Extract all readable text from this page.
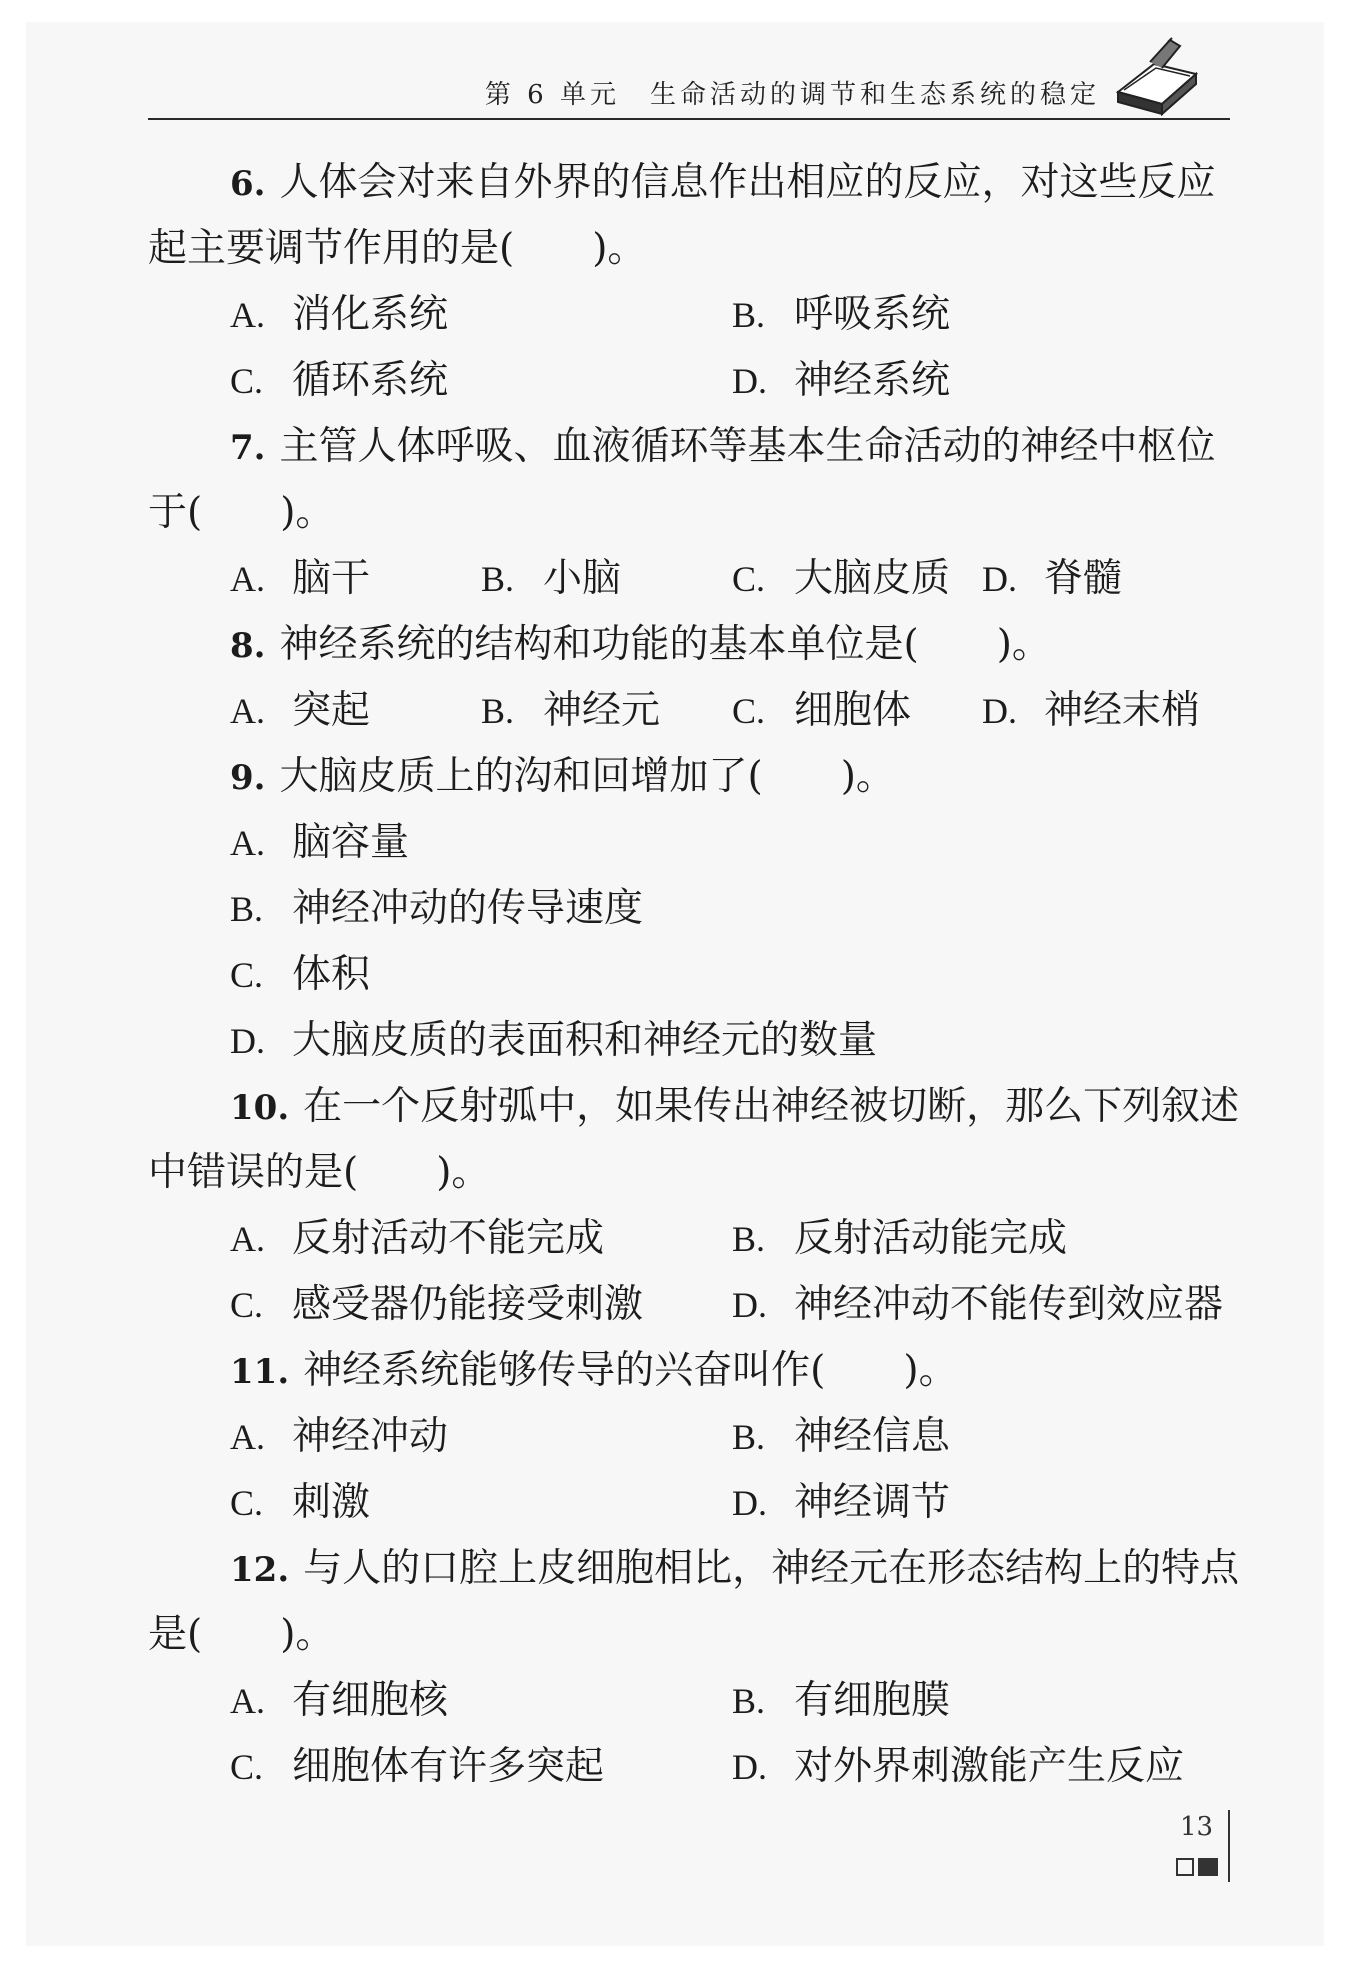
第 6 单元　生命活动的调节和生态系统的稳定
6. 人体会对来自外界的信息作出相应的反应，对这些反应
起主要调节作用的是(　　)。
A. 消化系统	B. 呼吸系统
C. 循环系统	D. 神经系统
7. 主管人体呼吸、血液循环等基本生命活动的神经中枢位
于(　　)。
A. 脑干	B. 小脑	C. 大脑皮质 D. 脊髓
8. 神经系统的结构和功能的基本单位是(　　)。
A. 突起	B. 神经元 C. 细胞体 D. 神经末梢
9. 大脑皮质上的沟和回增加了(　　)。
A. 脑容量
B. 神经冲动的传导速度
C. 体积
D. 大脑皮质的表面积和神经元的数量
10. 在一个反射弧中，如果传出神经被切断，那么下列叙述
中错误的是(　　)。
A. 反射活动不能完成	B. 反射活动能完成
C. 感受器仍能接受刺激 D. 神经冲动不能传到效应器
11. 神经系统能够传导的兴奋叫作(　　)。
A. 神经冲动	B. 神经信息
C. 刺激	D. 神经调节
12. 与人的口腔上皮细胞相比，神经元在形态结构上的特点
是(　　)。
A. 有细胞核	B. 有细胞膜
C. 细胞体有许多突起	D. 对外界刺激能产生反应
13
